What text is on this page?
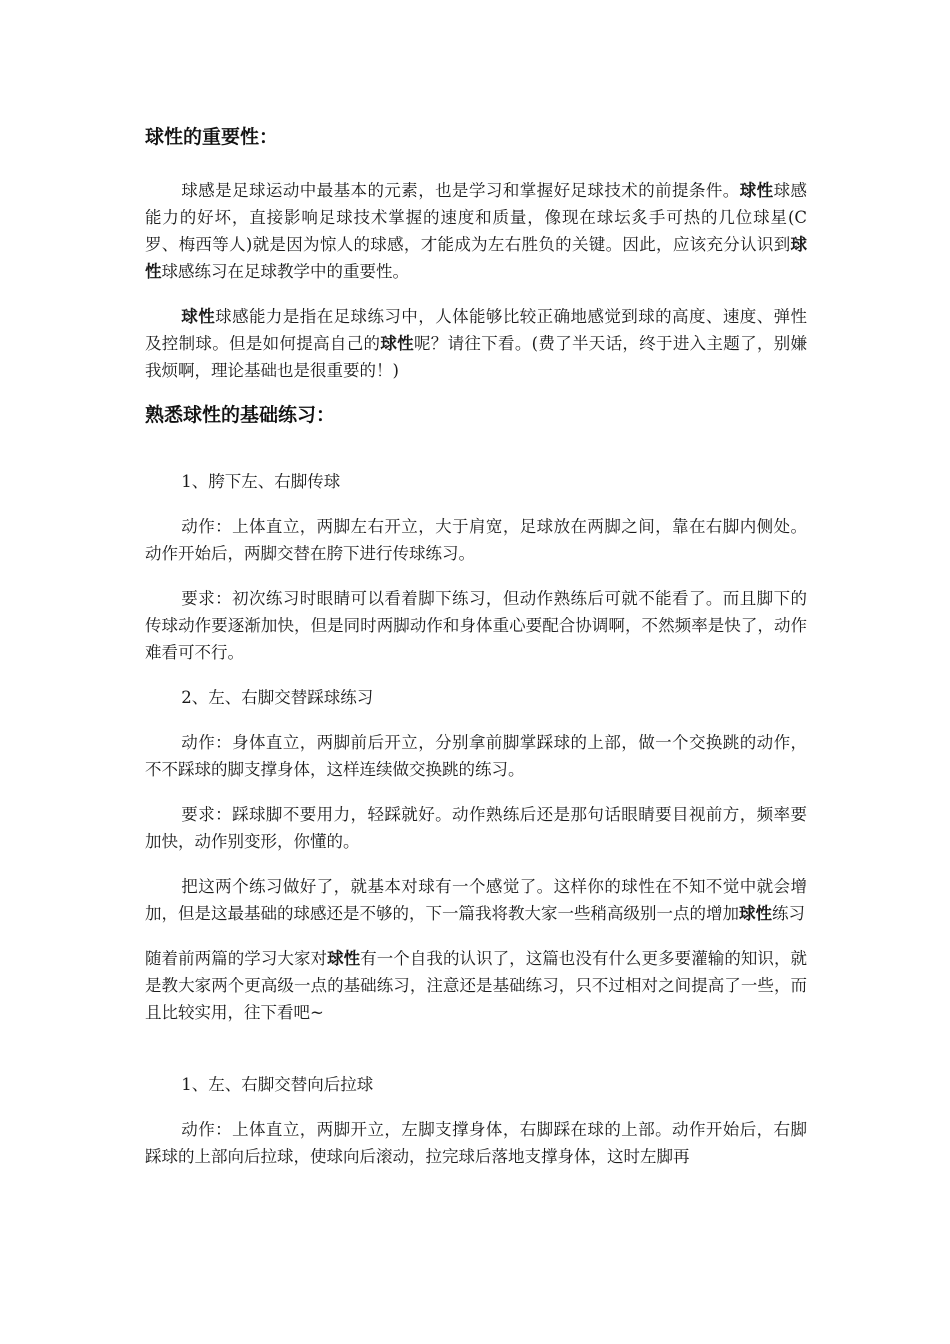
球性的重要性：

球感是足球运动中最基本的元素，也是学习和掌握好足球技术的前提条件。球性球感能力的好坏，直接影响足球技术掌握的速度和质量，像现在球坛炙手可热的几位球星(C罗、梅西等人)就是因为惊人的球感，才能成为左右胜负的关键。因此，应该充分认识到球性球感练习在足球教学中的重要性。

球性球感能力是指在足球练习中，人体能够比较正确地感觉到球的高度、速度、弹性及控制球。但是如何提高自己的球性呢？请往下看。(费了半天话，终于进入主题了，别嫌我烦啊，理论基础也是很重要的！)

熟悉球性的基础练习：

1、胯下左、右脚传球

动作：上体直立，两脚左右开立，大于肩宽，足球放在两脚之间，靠在右脚内侧处。动作开始后，两脚交替在胯下进行传球练习。

要求：初次练习时眼睛可以看着脚下练习，但动作熟练后可就不能看了。而且脚下的传球动作要逐渐加快，但是同时两脚动作和身体重心要配合协调啊，不然频率是快了，动作难看可不行。

2、左、右脚交替踩球练习

动作：身体直立，两脚前后开立，分别拿前脚掌踩球的上部，做一个交换跳的动作，不不踩球的脚支撑身体，这样连续做交换跳的练习。

要求：踩球脚不要用力，轻踩就好。动作熟练后还是那句话眼睛要目视前方，频率要加快，动作别变形，你懂的。

把这两个练习做好了，就基本对球有一个感觉了。这样你的球性在不知不觉中就会增加，但是这最基础的球感还是不够的，下一篇我将教大家一些稍高级别一点的增加球性练习

随着前两篇的学习大家对球性有一个自我的认识了，这篇也没有什么更多要灌输的知识，就是教大家两个更高级一点的基础练习，注意还是基础练习，只不过相对之间提高了一些，而且比较实用，往下看吧~

1、左、右脚交替向后拉球

动作：上体直立，两脚开立，左脚支撑身体，右脚踩在球的上部。动作开始后，右脚踩球的上部向后拉球，使球向后滚动，拉完球后落地支撑身体，这时左脚再
